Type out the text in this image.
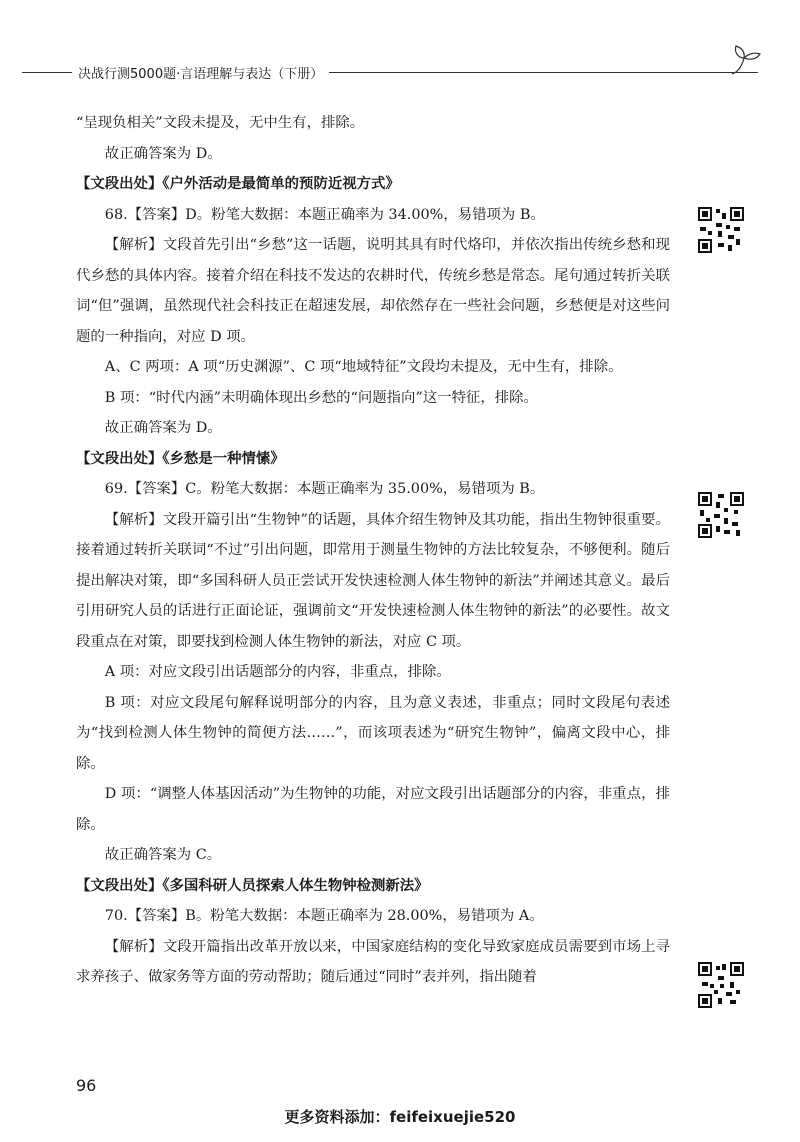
决战行测5000题·言语理解与表达（下册）

“呈现负相关”文段未提及，无中生有，排除。

故正确答案为 D。

【文段出处】《户外活动是最简单的预防近视方式》

68.【答案】D。粉笔大数据：本题正确率为 34.00%，易错项为 B。

【解析】文段首先引出“乡愁”这一话题，说明其具有时代烙印，并依次指出传统乡愁和现代乡愁的具体内容。接着介绍在科技不发达的农耕时代，传统乡愁是常态。尾句通过转折关联词“但”强调，虽然现代社会科技正在超速发展，却依然存在一些社会问题，乡愁便是对这些问题的一种指向，对应 D 项。

A、C 两项：A 项“历史渊源”、C 项“地域特征”文段均未提及，无中生有，排除。

B 项：“时代内涵”未明确体现出乡愁的“问题指向”这一特征，排除。

故正确答案为 D。

【文段出处】《乡愁是一种情愫》

69.【答案】C。粉笔大数据：本题正确率为 35.00%，易错项为 B。

【解析】文段开篇引出“生物钟”的话题，具体介绍生物钟及其功能，指出生物钟很重要。接着通过转折关联词“不过”引出问题，即常用于测量生物钟的方法比较复杂，不够便利。随后提出解决对策，即“多国科研人员正尝试开发快速检测人体生物钟的新法”并阐述其意义。最后引用研究人员的话进行正面论证，强调前文“开发快速检测人体生物钟的新法”的必要性。故文段重点在对策，即要找到检测人体生物钟的新法，对应 C 项。

A 项：对应文段引出话题部分的内容，非重点，排除。

B 项：对应文段尾句解释说明部分的内容，且为意义表述，非重点；同时文段尾句表述为“找到检测人体生物钟的简便方法……”，而该项表述为“研究生物钟”，偏离文段中心，排除。

D 项：“调整人体基因活动”为生物钟的功能，对应文段引出话题部分的内容，非重点，排除。

故正确答案为 C。

【文段出处】《多国科研人员探索人体生物钟检测新法》

70.【答案】B。粉笔大数据：本题正确率为 28.00%，易错项为 A。

【解析】文段开篇指出改革开放以来，中国家庭结构的变化导致家庭成员需要到市场上寻求养孩子、做家务等方面的劳动帮助；随后通过“同时”表并列，指出随着

96
更多资料添加：feifeixuejie520
